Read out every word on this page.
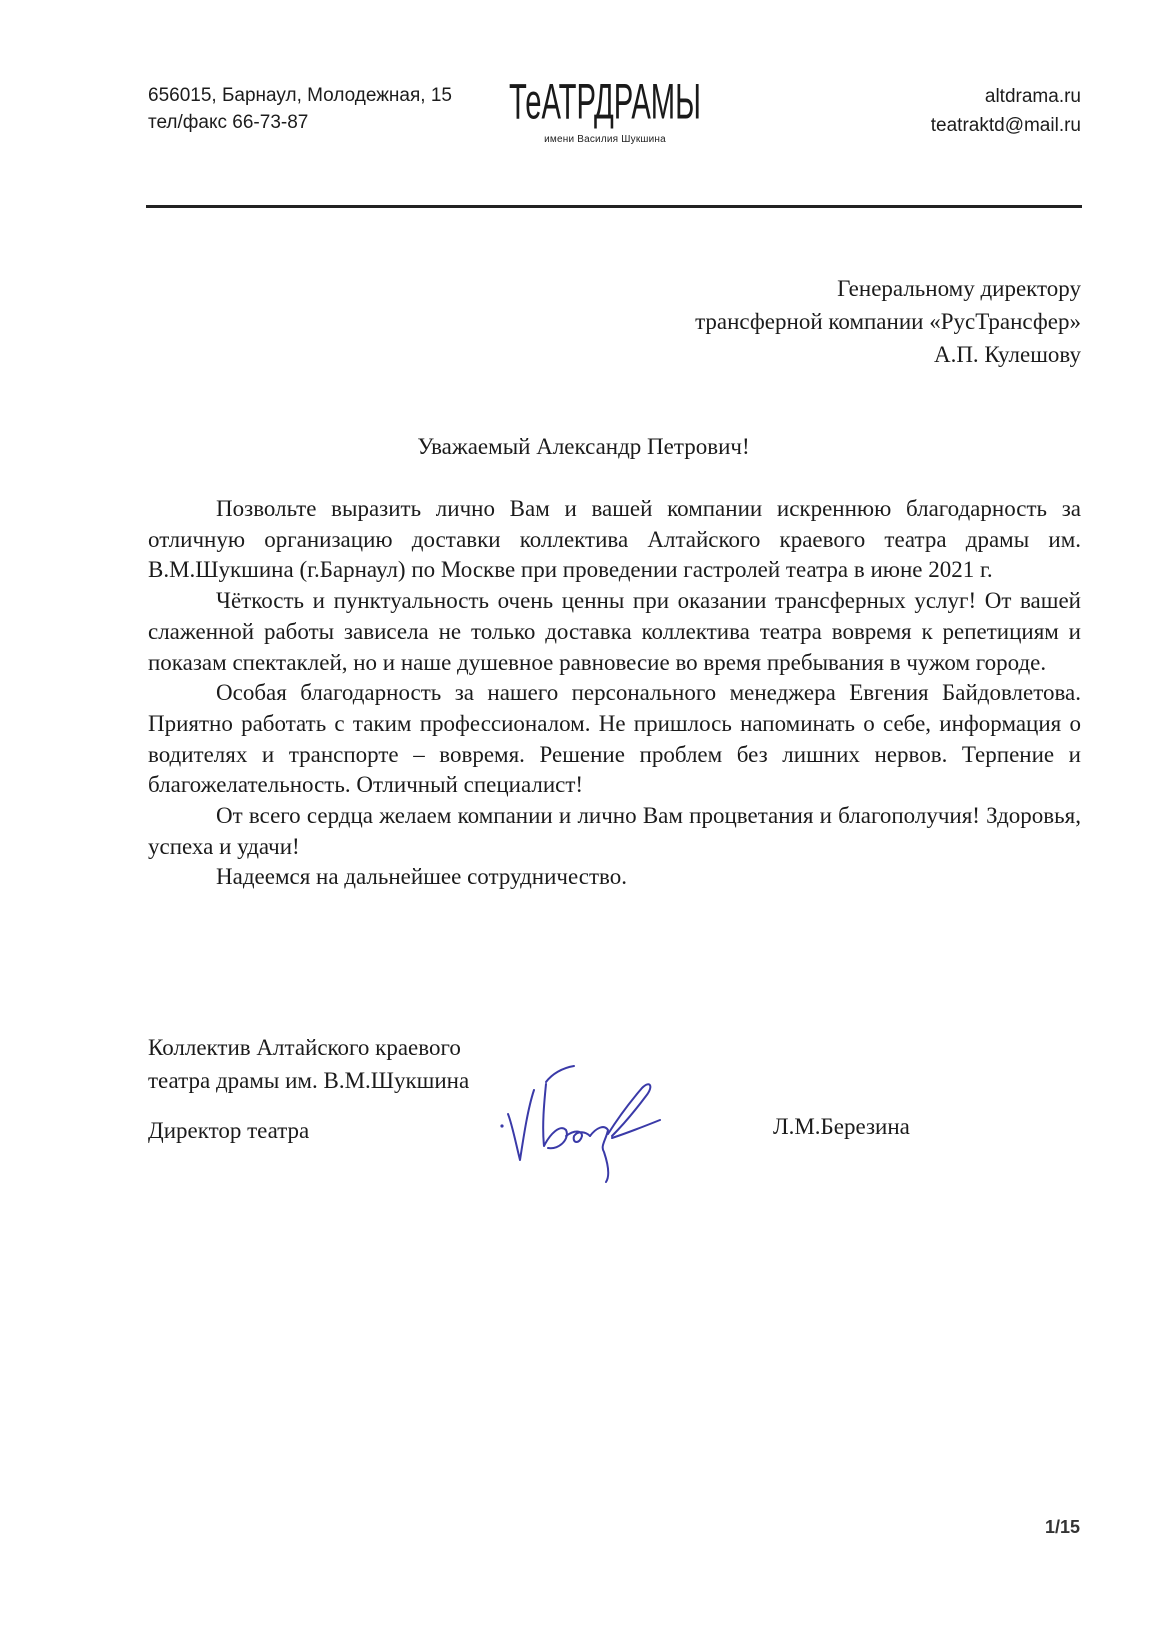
656015, Барнаул, Молодежная, 15
тел/факс 66-73-87	ТеАТРДРАМЫ
имени Василия Шукшина
altdrama.ru
teatraktd@mail.ru
Генеральному директору
трансферной компании «РусТрансфер»
А.П. Кулешову
Уважаемый Александр Петрович!

Позвольте выразить лично Вам и вашей компании искреннюю благодарность за отличную организацию доставки коллектива Алтайского краевого театра драмы им. В.М.Шукшина (г.Барнаул) по Москве при проведении гастролей театра в июне 2021 г.

Чёткость и пунктуальность очень ценны при оказании трансферных услуг! От вашей слаженной работы зависела не только доставка коллектива театра вовремя к репетициям и показам спектаклей, но и наше душевное равновесие во время пребывания в чужом городе.

Особая благодарность за нашего персонального менеджера Евгения Байдовлетова. Приятно работать с таким профессионалом. Не пришлось напоминать о себе, информация о водителях и транспорте – вовремя. Решение проблем без лишних нервов. Терпение и благожелательность. Отличный специалист!

От всего сердца желаем компании и лично Вам процветания и благополучия! Здоровья, успеха и удачи!

Надеемся на дальнейшее сотрудничество.

Коллектив Алтайского краевого
театра драмы им. В.М.Шукшина
Директор театра	Л.М.Березина
1/15
